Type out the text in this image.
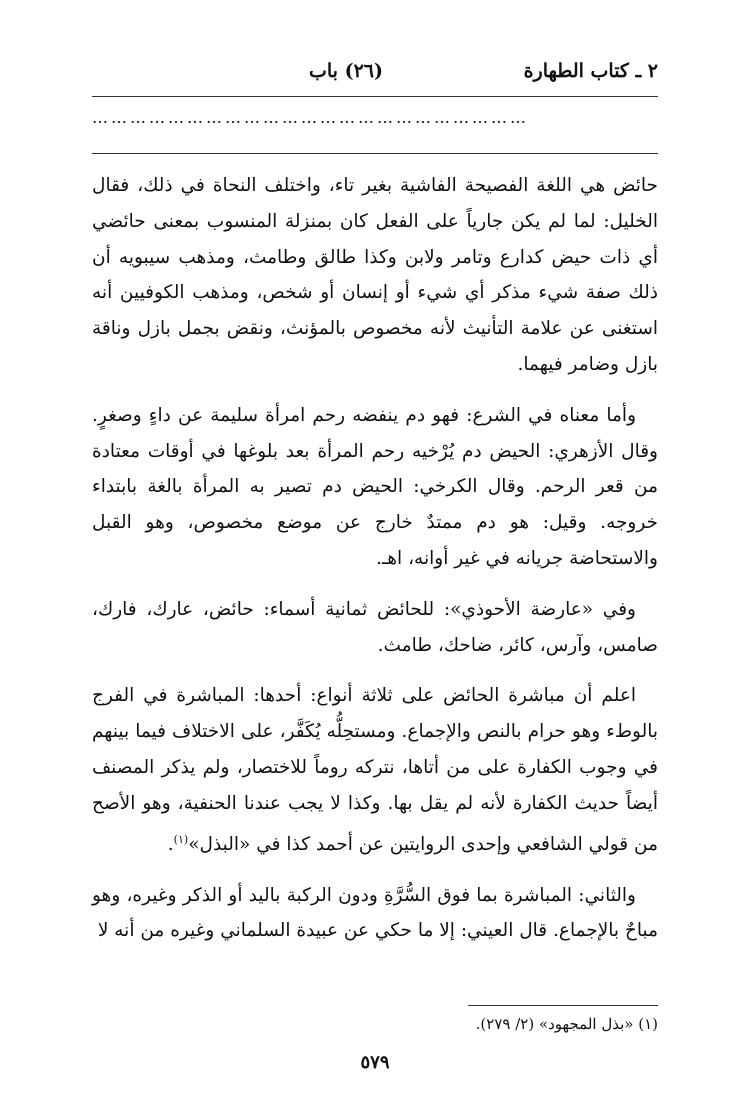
٢ ـ كتاب الطهارة
(٢٦) باب
……………………………………………………………

حائض هي اللغة الفصيحة الفاشية بغير تاء، واختلف النحاة في ذلك، فقال الخليل: لما لم يكن جارياً على الفعل كان بمنزلة المنسوب بمعنى حائضي أي ذات حيض كدارع وتامر ولابن وكذا طالق وطامث، ومذهب سيبويه أن ذلك صفة شيء مذكر أي شيء أو إنسان أو شخص، ومذهب الكوفيين أنه استغنى عن علامة التأنيث لأنه مخصوص بالمؤنث، ونقض بجمل بازل وناقة بازل وضامر فيهما.

وأما معناه في الشرع: فهو دم ينفضه رحم امرأة سليمة عن داءٍ وصغرٍ. وقال الأزهري: الحيض دم يُرْخيه رحم المرأة بعد بلوغها في أوقات معتادة من قعر الرحم. وقال الكرخي: الحيض دم تصير به المرأة بالغة بابتداء خروجه. وقيل: هو دم ممتدٌ خارج عن موضع مخصوص، وهو القبل والاستحاضة جريانه في غير أوانه، اهـ.

وفي «عارضة الأحوذي»: للحائض ثمانية أسماء: حائض، عارك، فارك، صامس، وآرس، كائر، ضاحك، طامث.

اعلم أن مباشرة الحائض على ثلاثة أنواع: أحدها: المباشرة في الفرج بالوطء وهو حرام بالنص والإجماع. ومستحِلُّه يُكَفَّر، على الاختلاف فيما بينهم في وجوب الكفارة على من أتاها، نتركه روماً للاختصار، ولم يذكر المصنف أيضاً حديث الكفارة لأنه لم يقل بها. وكذا لا يجب عندنا الحنفية، وهو الأصح من قولي الشافعي وإحدى الروايتين عن أحمد كذا في «البذل»$^{(١)}$.

والثاني: المباشرة بما فوق السُّرَّةِ ودون الركبة باليد أو الذكر وغيره، وهو مباحٌ بالإجماع. قال العيني: إلا ما حكي عن عبيدة السلماني وغيره من أنه لا

(١) «بذل المجهود» (٢/ ٢٧٩).
٥٧٩
